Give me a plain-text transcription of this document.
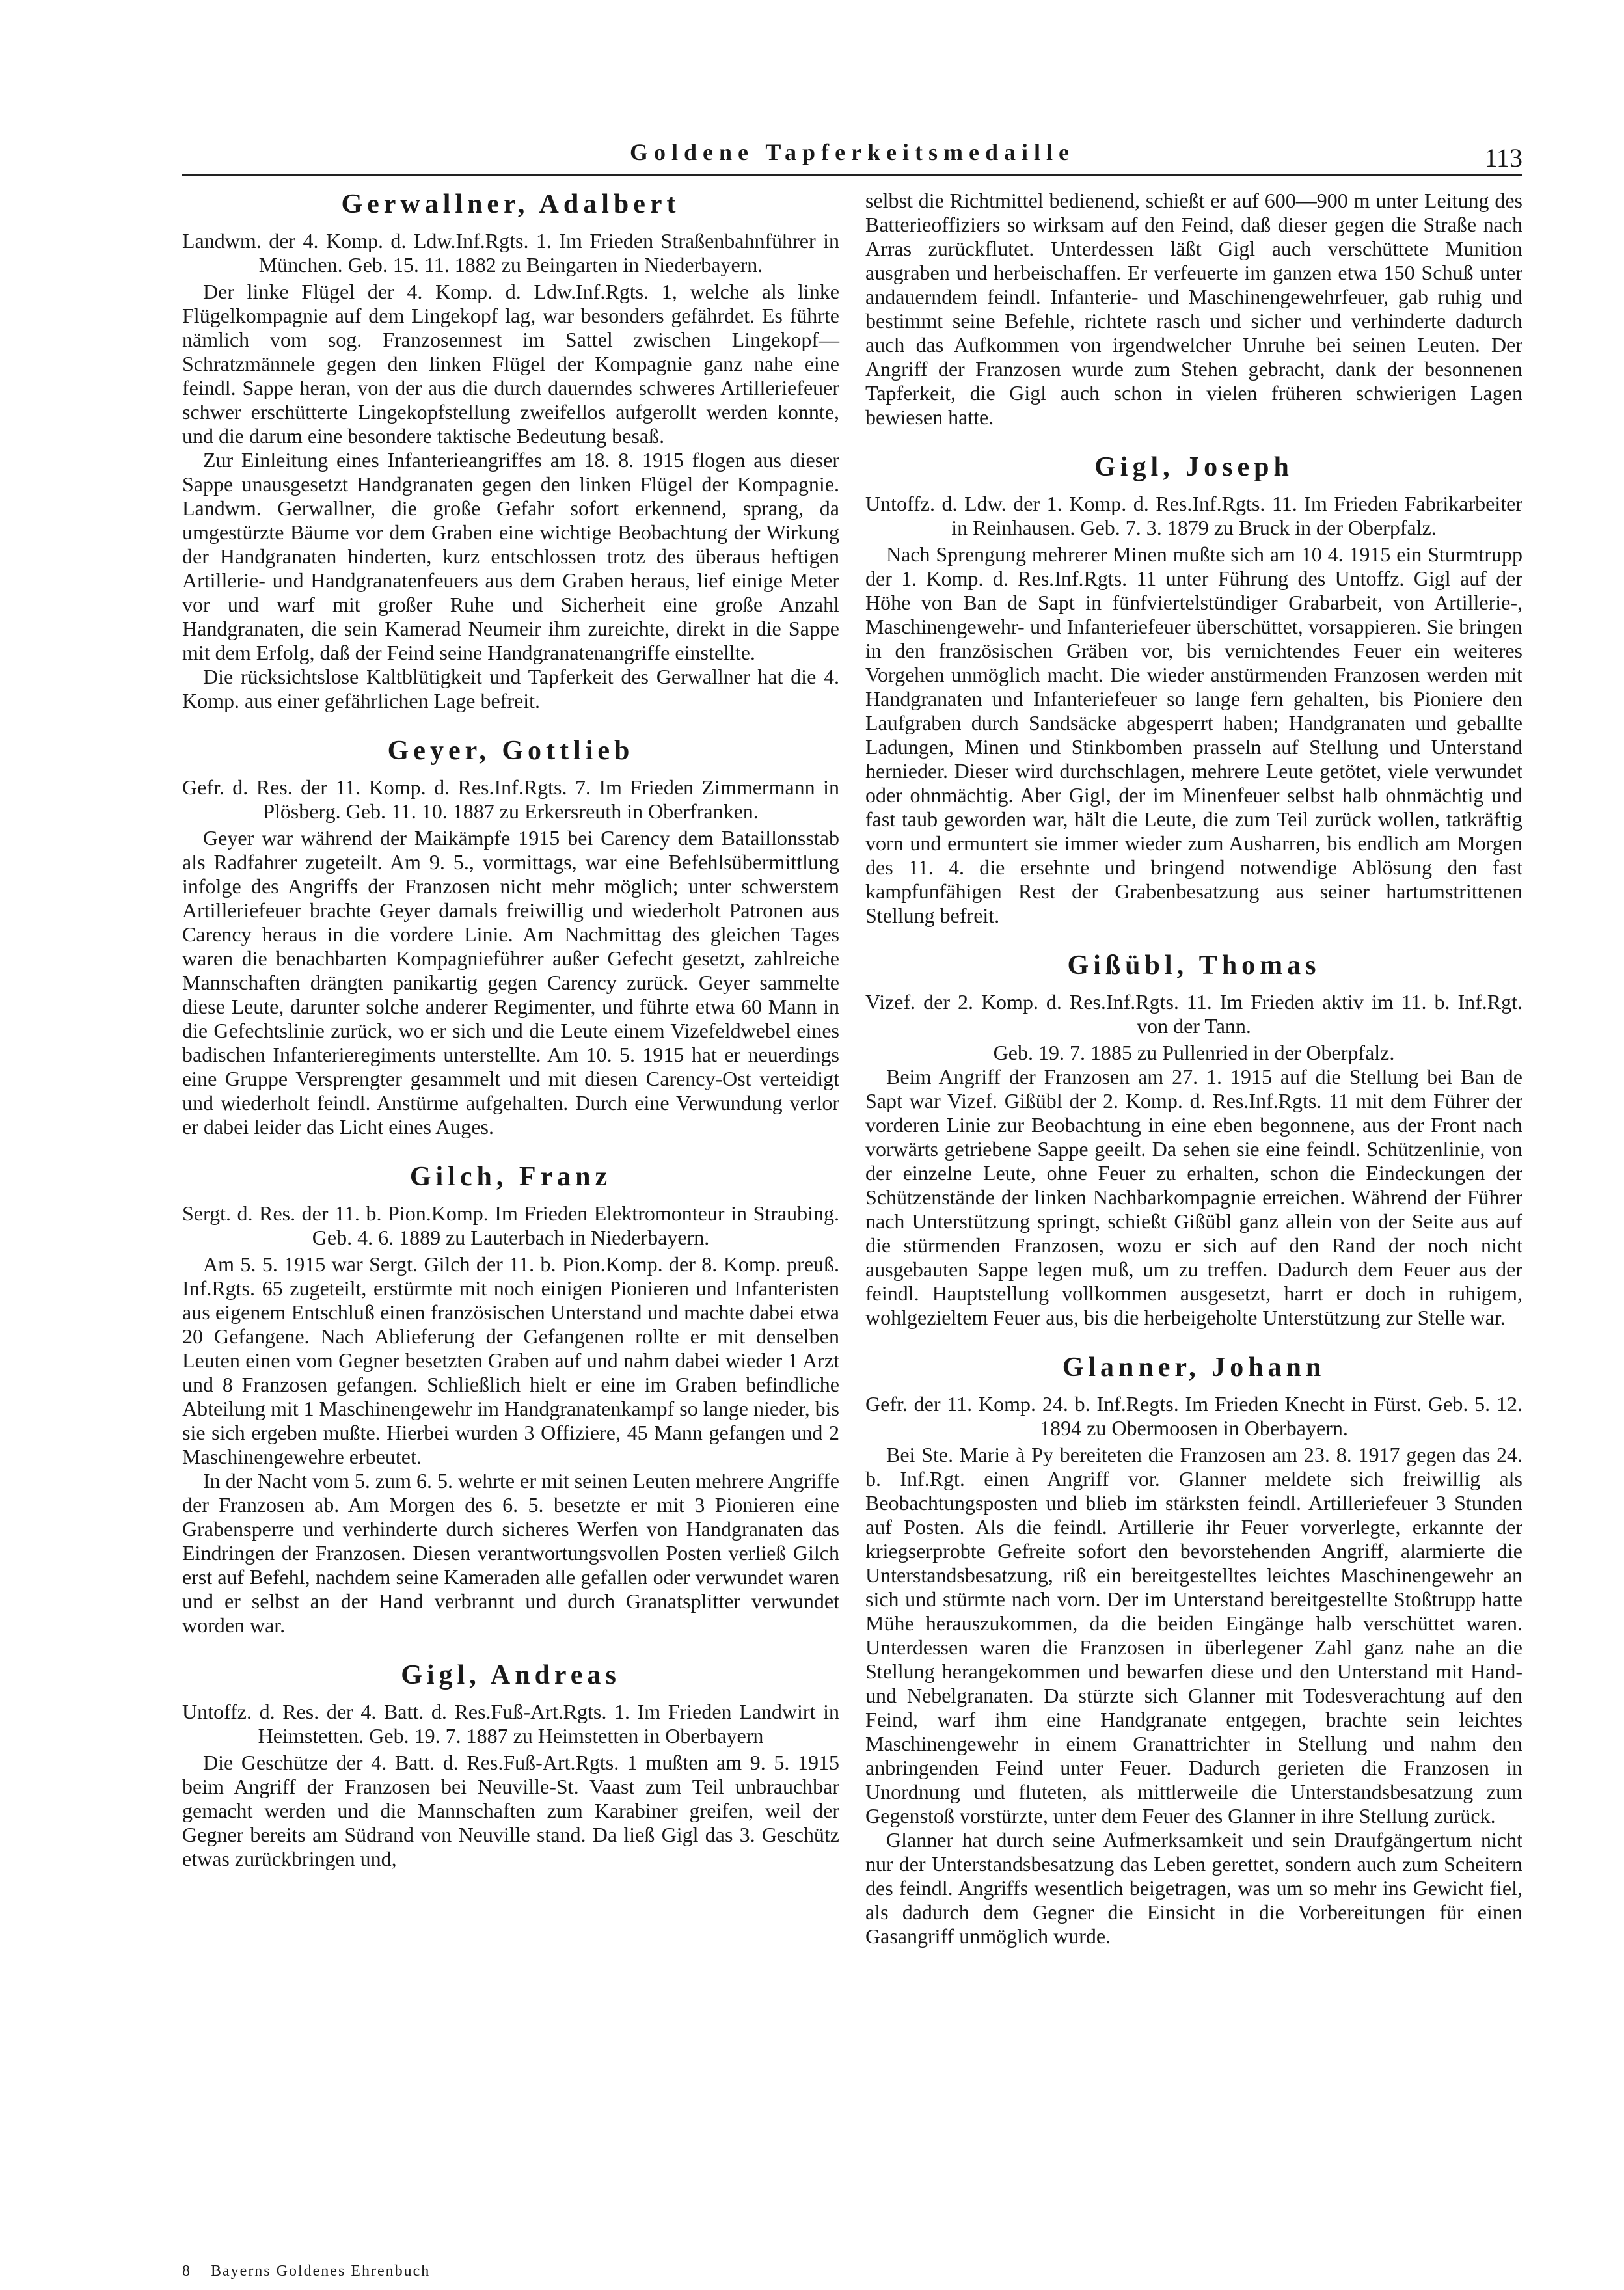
Goldene Tapferkeitsmedaille	113
Gerwallner, Adalbert

Landwm. der 4. Komp. d. Ldw.Inf.Rgts. 1. Im Frieden Straßenbahnführer in München. Geb. 15. 11. 1882 zu Beingarten in Niederbayern.

Der linke Flügel der 4. Komp. d. Ldw.Inf.Rgts. 1, welche als linke Flügelkompagnie auf dem Lingekopf lag, war besonders gefährdet. Es führte nämlich vom sog. Franzosennest im Sattel zwischen Lingekopf—Schratzmännele gegen den linken Flügel der Kompagnie ganz nahe eine feindl. Sappe heran, von der aus die durch dauerndes schweres Artilleriefeuer schwer erschütterte Lingekopfstellung zweifellos aufgerollt werden konnte, und die darum eine besondere taktische Bedeutung besaß.

Zur Einleitung eines Infanterieangriffes am 18. 8. 1915 flogen aus dieser Sappe unausgesetzt Handgranaten gegen den linken Flügel der Kompagnie. Landwm. Gerwallner, die große Gefahr sofort erkennend, sprang, da umgestürzte Bäume vor dem Graben eine wichtige Beobachtung der Wirkung der Handgranaten hinderten, kurz entschlossen trotz des überaus heftigen Artillerie- und Handgranatenfeuers aus dem Graben heraus, lief einige Meter vor und warf mit großer Ruhe und Sicherheit eine große Anzahl Handgranaten, die sein Kamerad Neumeir ihm zureichte, direkt in die Sappe mit dem Erfolg, daß der Feind seine Handgranatenangriffe einstellte.

Die rücksichtslose Kaltblütigkeit und Tapferkeit des Gerwallner hat die 4. Komp. aus einer gefährlichen Lage befreit.

Geyer, Gottlieb

Gefr. d. Res. der 11. Komp. d. Res.Inf.Rgts. 7. Im Frieden Zimmermann in Plösberg. Geb. 11. 10. 1887 zu Erkersreuth in Oberfranken.

Geyer war während der Maikämpfe 1915 bei Carency dem Bataillonsstab als Radfahrer zugeteilt. Am 9. 5., vormittags, war eine Befehlsübermittlung infolge des Angriffs der Franzosen nicht mehr möglich; unter schwerstem Artilleriefeuer brachte Geyer damals freiwillig und wiederholt Patronen aus Carency heraus in die vordere Linie. Am Nachmittag des gleichen Tages waren die benachbarten Kompagnieführer außer Gefecht gesetzt, zahlreiche Mannschaften drängten panikartig gegen Carency zurück. Geyer sammelte diese Leute, darunter solche anderer Regimenter, und führte etwa 60 Mann in die Gefechtslinie zurück, wo er sich und die Leute einem Vizefeldwebel eines badischen Infanterieregiments unterstellte. Am 10. 5. 1915 hat er neuerdings eine Gruppe Versprengter gesammelt und mit diesen Carency-Ost verteidigt und wiederholt feindl. Anstürme aufgehalten. Durch eine Verwundung verlor er dabei leider das Licht eines Auges.

Gilch, Franz

Sergt. d. Res. der 11. b. Pion.Komp. Im Frieden Elektromonteur in Straubing. Geb. 4. 6. 1889 zu Lauterbach in Niederbayern.

Am 5. 5. 1915 war Sergt. Gilch der 11. b. Pion.Komp. der 8. Komp. preuß. Inf.Rgts. 65 zugeteilt, erstürmte mit noch einigen Pionieren und Infanteristen aus eigenem Entschluß einen französischen Unterstand und machte dabei etwa 20 Gefangene. Nach Ablieferung der Gefangenen rollte er mit denselben Leuten einen vom Gegner besetzten Graben auf und nahm dabei wieder 1 Arzt und 8 Franzosen gefangen. Schließlich hielt er eine im Graben befindliche Abteilung mit 1 Maschinengewehr im Handgranatenkampf so lange nieder, bis sie sich ergeben mußte. Hierbei wurden 3 Offiziere, 45 Mann gefangen und 2 Maschinengewehre erbeutet.

In der Nacht vom 5. zum 6. 5. wehrte er mit seinen Leuten mehrere Angriffe der Franzosen ab. Am Morgen des 6. 5. besetzte er mit 3 Pionieren eine Grabensperre und verhinderte durch sicheres Werfen von Handgranaten das Eindringen der Franzosen. Diesen verantwortungsvollen Posten verließ Gilch erst auf Befehl, nachdem seine Kameraden alle gefallen oder verwundet waren und er selbst an der Hand verbrannt und durch Granatsplitter verwundet worden war.

Gigl, Andreas

Untoffz. d. Res. der 4. Batt. d. Res.Fuß-Art.Rgts. 1. Im Frieden Landwirt in Heimstetten. Geb. 19. 7. 1887 zu Heimstetten in Oberbayern

Die Geschütze der 4. Batt. d. Res.Fuß-Art.Rgts. 1 mußten am 9. 5. 1915 beim Angriff der Franzosen bei Neuville-St. Vaast zum Teil unbrauchbar gemacht werden und die Mannschaften zum Karabiner greifen, weil der Gegner bereits am Südrand von Neuville stand. Da ließ Gigl das 3. Geschütz etwas zurückbringen und,

selbst die Richtmittel bedienend, schießt er auf 600—900 m unter Leitung des Batterieoffiziers so wirksam auf den Feind, daß dieser gegen die Straße nach Arras zurückflutet. Unterdessen läßt Gigl auch verschüttete Munition ausgraben und herbeischaffen. Er verfeuerte im ganzen etwa 150 Schuß unter andauerndem feindl. Infanterie- und Maschinengewehrfeuer, gab ruhig und bestimmt seine Befehle, richtete rasch und sicher und verhinderte dadurch auch das Aufkommen von irgendwelcher Unruhe bei seinen Leuten. Der Angriff der Franzosen wurde zum Stehen gebracht, dank der besonnenen Tapferkeit, die Gigl auch schon in vielen früheren schwierigen Lagen bewiesen hatte.

Gigl, Joseph

Untoffz. d. Ldw. der 1. Komp. d. Res.Inf.Rgts. 11. Im Frieden Fabrikarbeiter in Reinhausen. Geb. 7. 3. 1879 zu Bruck in der Oberpfalz.

Nach Sprengung mehrerer Minen mußte sich am 10 4. 1915 ein Sturmtrupp der 1. Komp. d. Res.Inf.Rgts. 11 unter Führung des Untoffz. Gigl auf der Höhe von Ban de Sapt in fünfviertelstündiger Grabarbeit, von Artillerie-, Maschinengewehr- und Infanteriefeuer überschüttet, vorsappieren. Sie bringen in den französischen Gräben vor, bis vernichtendes Feuer ein weiteres Vorgehen unmöglich macht. Die wieder anstürmenden Franzosen werden mit Handgranaten und Infanteriefeuer so lange fern gehalten, bis Pioniere den Laufgraben durch Sandsäcke abgesperrt haben; Handgranaten und geballte Ladungen, Minen und Stinkbomben prasseln auf Stellung und Unterstand hernieder. Dieser wird durchschlagen, mehrere Leute getötet, viele verwundet oder ohnmächtig. Aber Gigl, der im Minenfeuer selbst halb ohnmächtig und fast taub geworden war, hält die Leute, die zum Teil zurück wollen, tatkräftig vorn und ermuntert sie immer wieder zum Ausharren, bis endlich am Morgen des 11. 4. die ersehnte und bringend notwendige Ablösung den fast kampfunfähigen Rest der Grabenbesatzung aus seiner hartumstrittenen Stellung befreit.

Gißübl, Thomas

Vizef. der 2. Komp. d. Res.Inf.Rgts. 11. Im Frieden aktiv im 11. b. Inf.Rgt. von der Tann.

Geb. 19. 7. 1885 zu Pullenried in der Oberpfalz.

Beim Angriff der Franzosen am 27. 1. 1915 auf die Stellung bei Ban de Sapt war Vizef. Gißübl der 2. Komp. d. Res.Inf.Rgts. 11 mit dem Führer der vorderen Linie zur Beobachtung in eine eben begonnene, aus der Front nach vorwärts getriebene Sappe geeilt. Da sehen sie eine feindl. Schützenlinie, von der einzelne Leute, ohne Feuer zu erhalten, schon die Eindeckungen der Schützenstände der linken Nachbarkompagnie erreichen. Während der Führer nach Unterstützung springt, schießt Gißübl ganz allein von der Seite aus auf die stürmenden Franzosen, wozu er sich auf den Rand der noch nicht ausgebauten Sappe legen muß, um zu treffen. Dadurch dem Feuer aus der feindl. Hauptstellung vollkommen ausgesetzt, harrt er doch in ruhigem, wohlgezieltem Feuer aus, bis die herbeigeholte Unterstützung zur Stelle war.

Glanner, Johann

Gefr. der 11. Komp. 24. b. Inf.Regts. Im Frieden Knecht in Fürst. Geb. 5. 12. 1894 zu Obermoosen in Oberbayern.

Bei Ste. Marie à Py bereiteten die Franzosen am 23. 8. 1917 gegen das 24. b. Inf.Rgt. einen Angriff vor. Glanner meldete sich freiwillig als Beobachtungsposten und blieb im stärksten feindl. Artilleriefeuer 3 Stunden auf Posten. Als die feindl. Artillerie ihr Feuer vorverlegte, erkannte der kriegserprobte Gefreite sofort den bevorstehenden Angriff, alarmierte die Unterstandsbesatzung, riß ein bereitgestelltes leichtes Maschinengewehr an sich und stürmte nach vorn. Der im Unterstand bereitgestellte Stoßtrupp hatte Mühe herauszukommen, da die beiden Eingänge halb verschüttet waren. Unterdessen waren die Franzosen in überlegener Zahl ganz nahe an die Stellung herangekommen und bewarfen diese und den Unterstand mit Hand- und Nebelgranaten. Da stürzte sich Glanner mit Todesverachtung auf den Feind, warf ihm eine Handgranate entgegen, brachte sein leichtes Maschinengewehr in einem Granattrichter in Stellung und nahm den anbringenden Feind unter Feuer. Dadurch gerieten die Franzosen in Unordnung und fluteten, als mittlerweile die Unterstandsbesatzung zum Gegenstoß vorstürzte, unter dem Feuer des Glanner in ihre Stellung zurück.

Glanner hat durch seine Aufmerksamkeit und sein Draufgängertum nicht nur der Unterstandsbesatzung das Leben gerettet, sondern auch zum Scheitern des feindl. Angriffs wesentlich beigetragen, was um so mehr ins Gewicht fiel, als dadurch dem Gegner die Einsicht in die Vorbereitungen für einen Gasangriff unmöglich wurde.

8 Bayerns Goldenes Ehrenbuch
